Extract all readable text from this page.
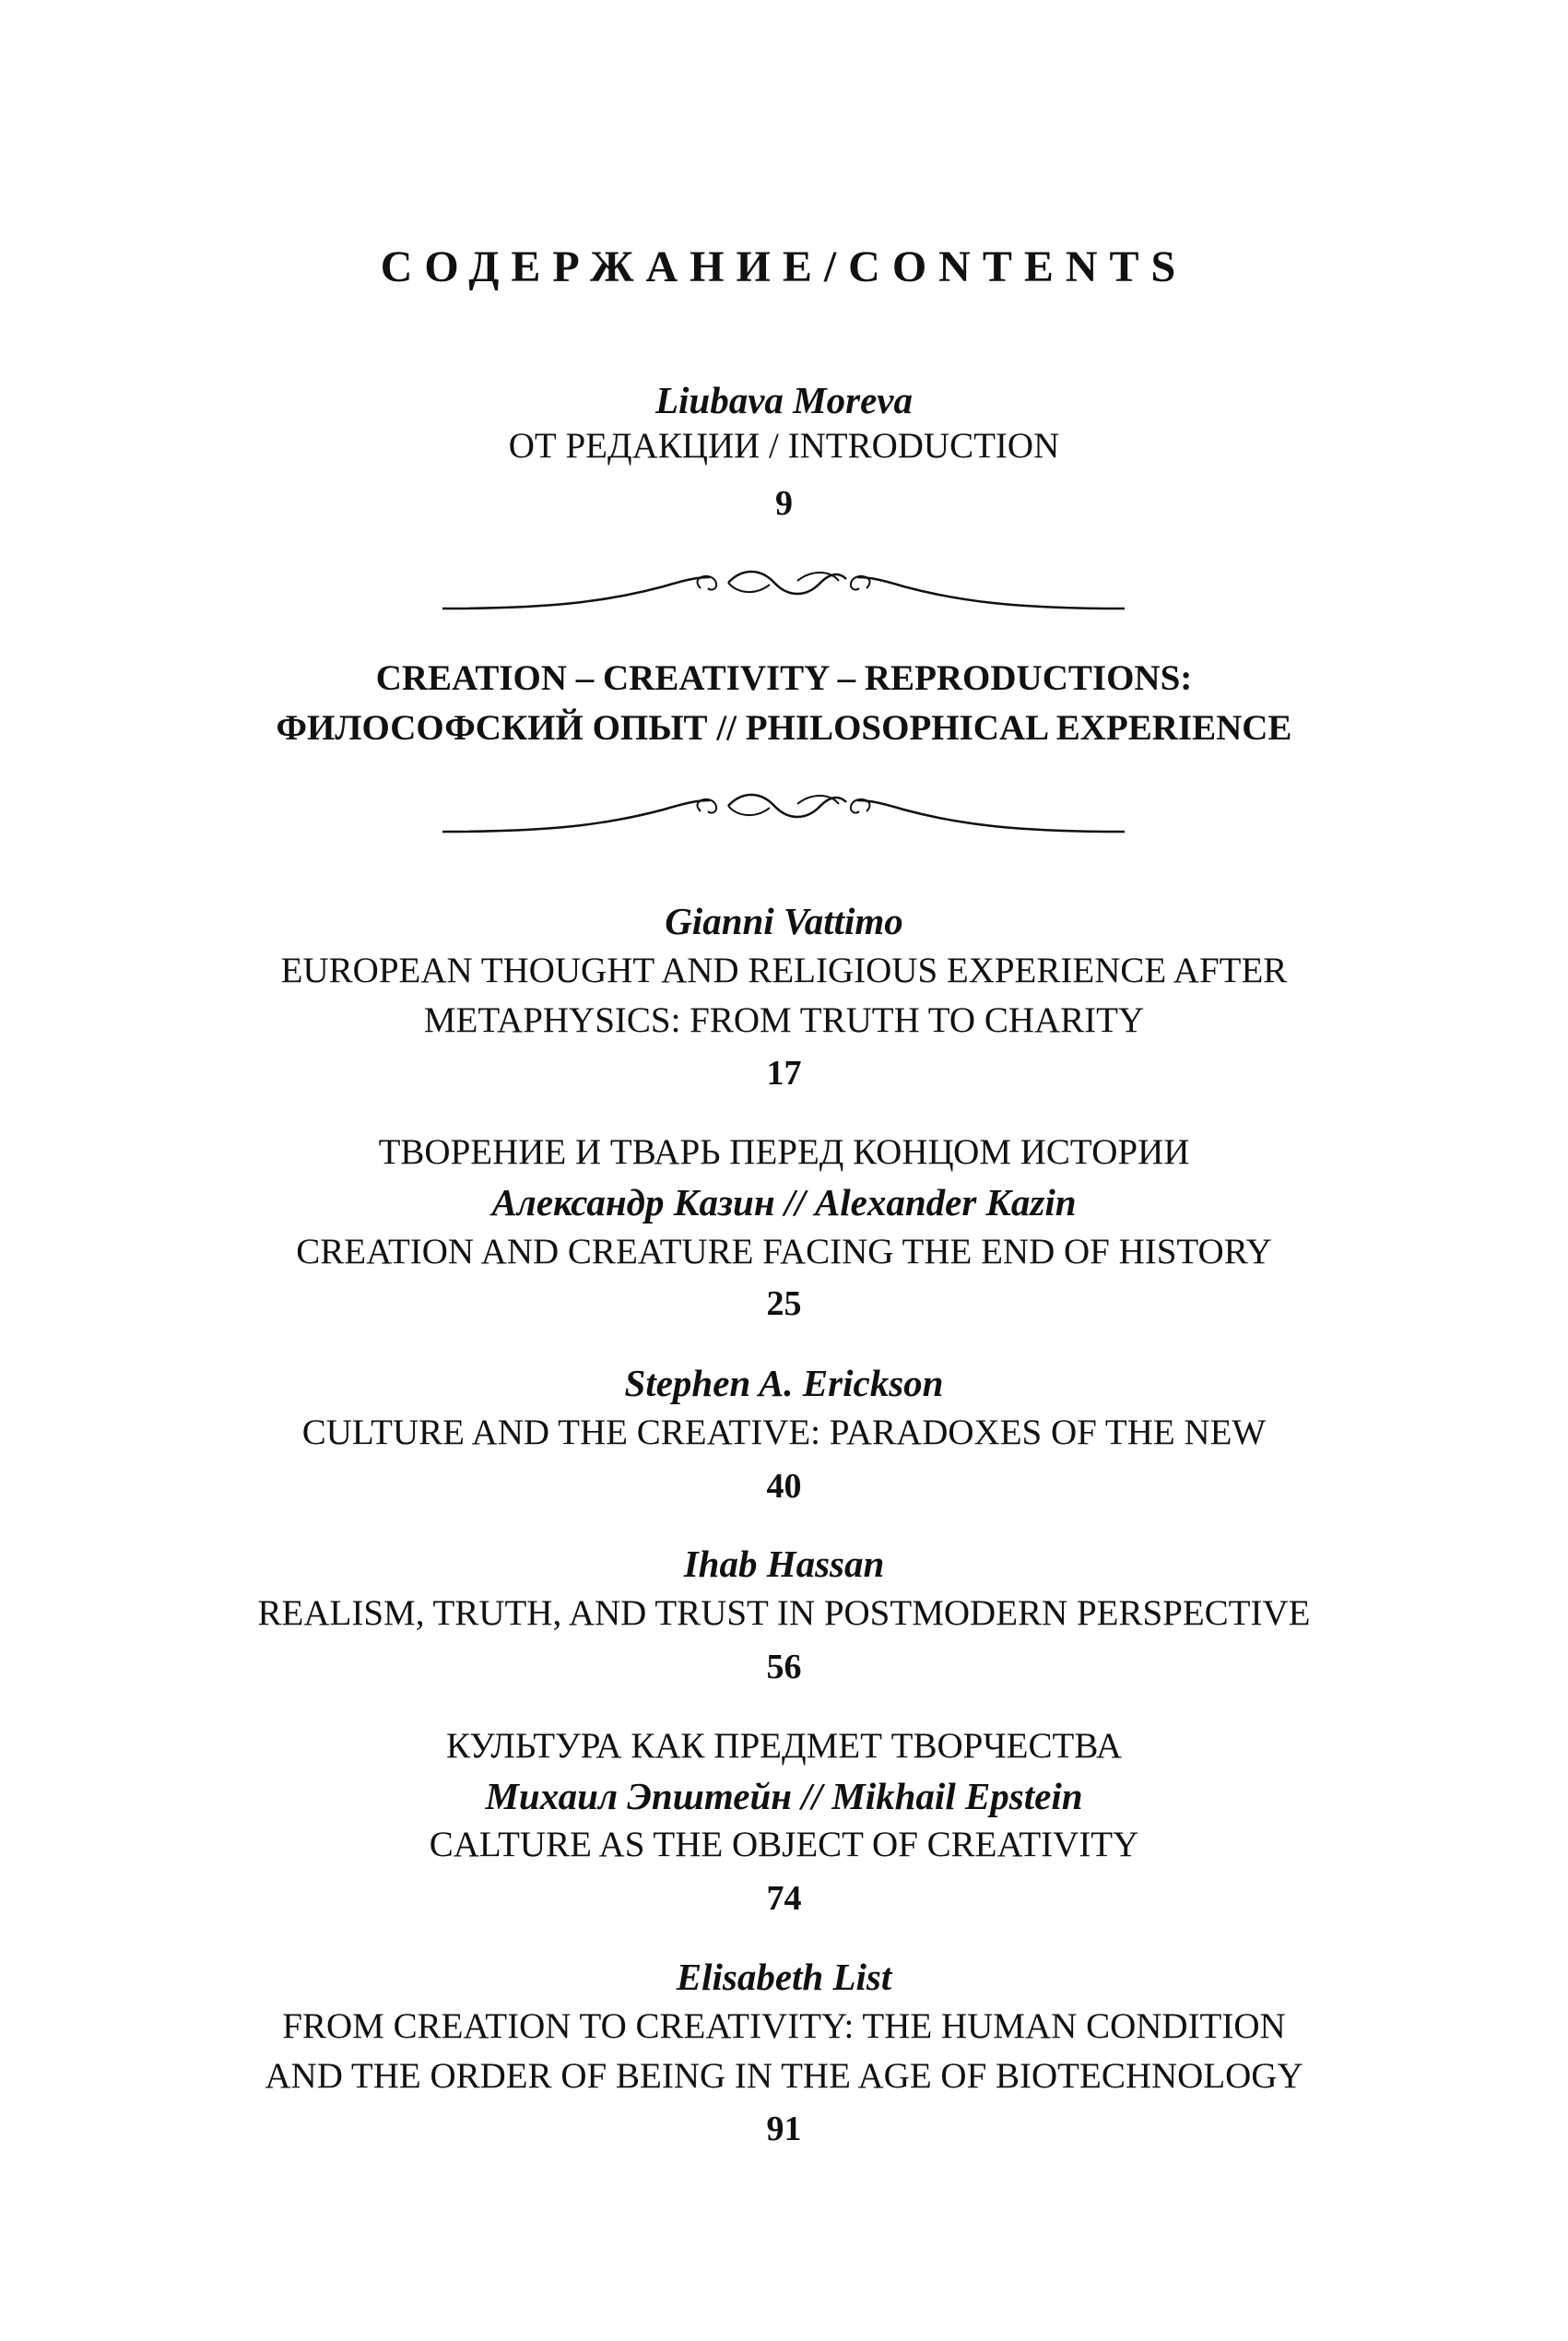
СОДЕРЖАНИЕ/CONTENTS
Liubava Moreva
ОТ РЕДАКЦИИ / INTRODUCTION
9
CREATION – CREATIVITY – REPRODUCTIONS:
ФИЛОСОФСКИЙ ОПЫТ // PHILOSOPHICAL EXPERIENCE
Gianni Vattimo
EUROPEAN THOUGHT AND RELIGIOUS EXPERIENCE AFTER
METAPHYSICS: FROM TRUTH TO CHARITY
17
ТВОРЕНИЕ И ТВАРЬ ПЕРЕД КОНЦОМ ИСТОРИИ
Александр Казин // Alexander Kazin
CREATION AND CREATURE FACING THE END OF HISTORY
25
Stephen A. Erickson
CULTURE AND THE CREATIVE: PARADOXES OF THE NEW
40
Ihab Hassan
REALISM, TRUTH, AND TRUST IN POSTMODERN PERSPECTIVE
56
КУЛЬТУРА КАК ПРЕДМЕТ ТВОРЧЕСТВА
Михаил Эпштейн // Mikhail Epstein
CALTURE AS THE OBJECT OF CREATIVITY
74
Elisabeth List
FROM CREATION TO CREATIVITY: THE HUMAN CONDITION
AND THE ORDER OF BEING IN THE AGE OF BIOTECHNOLOGY
91
